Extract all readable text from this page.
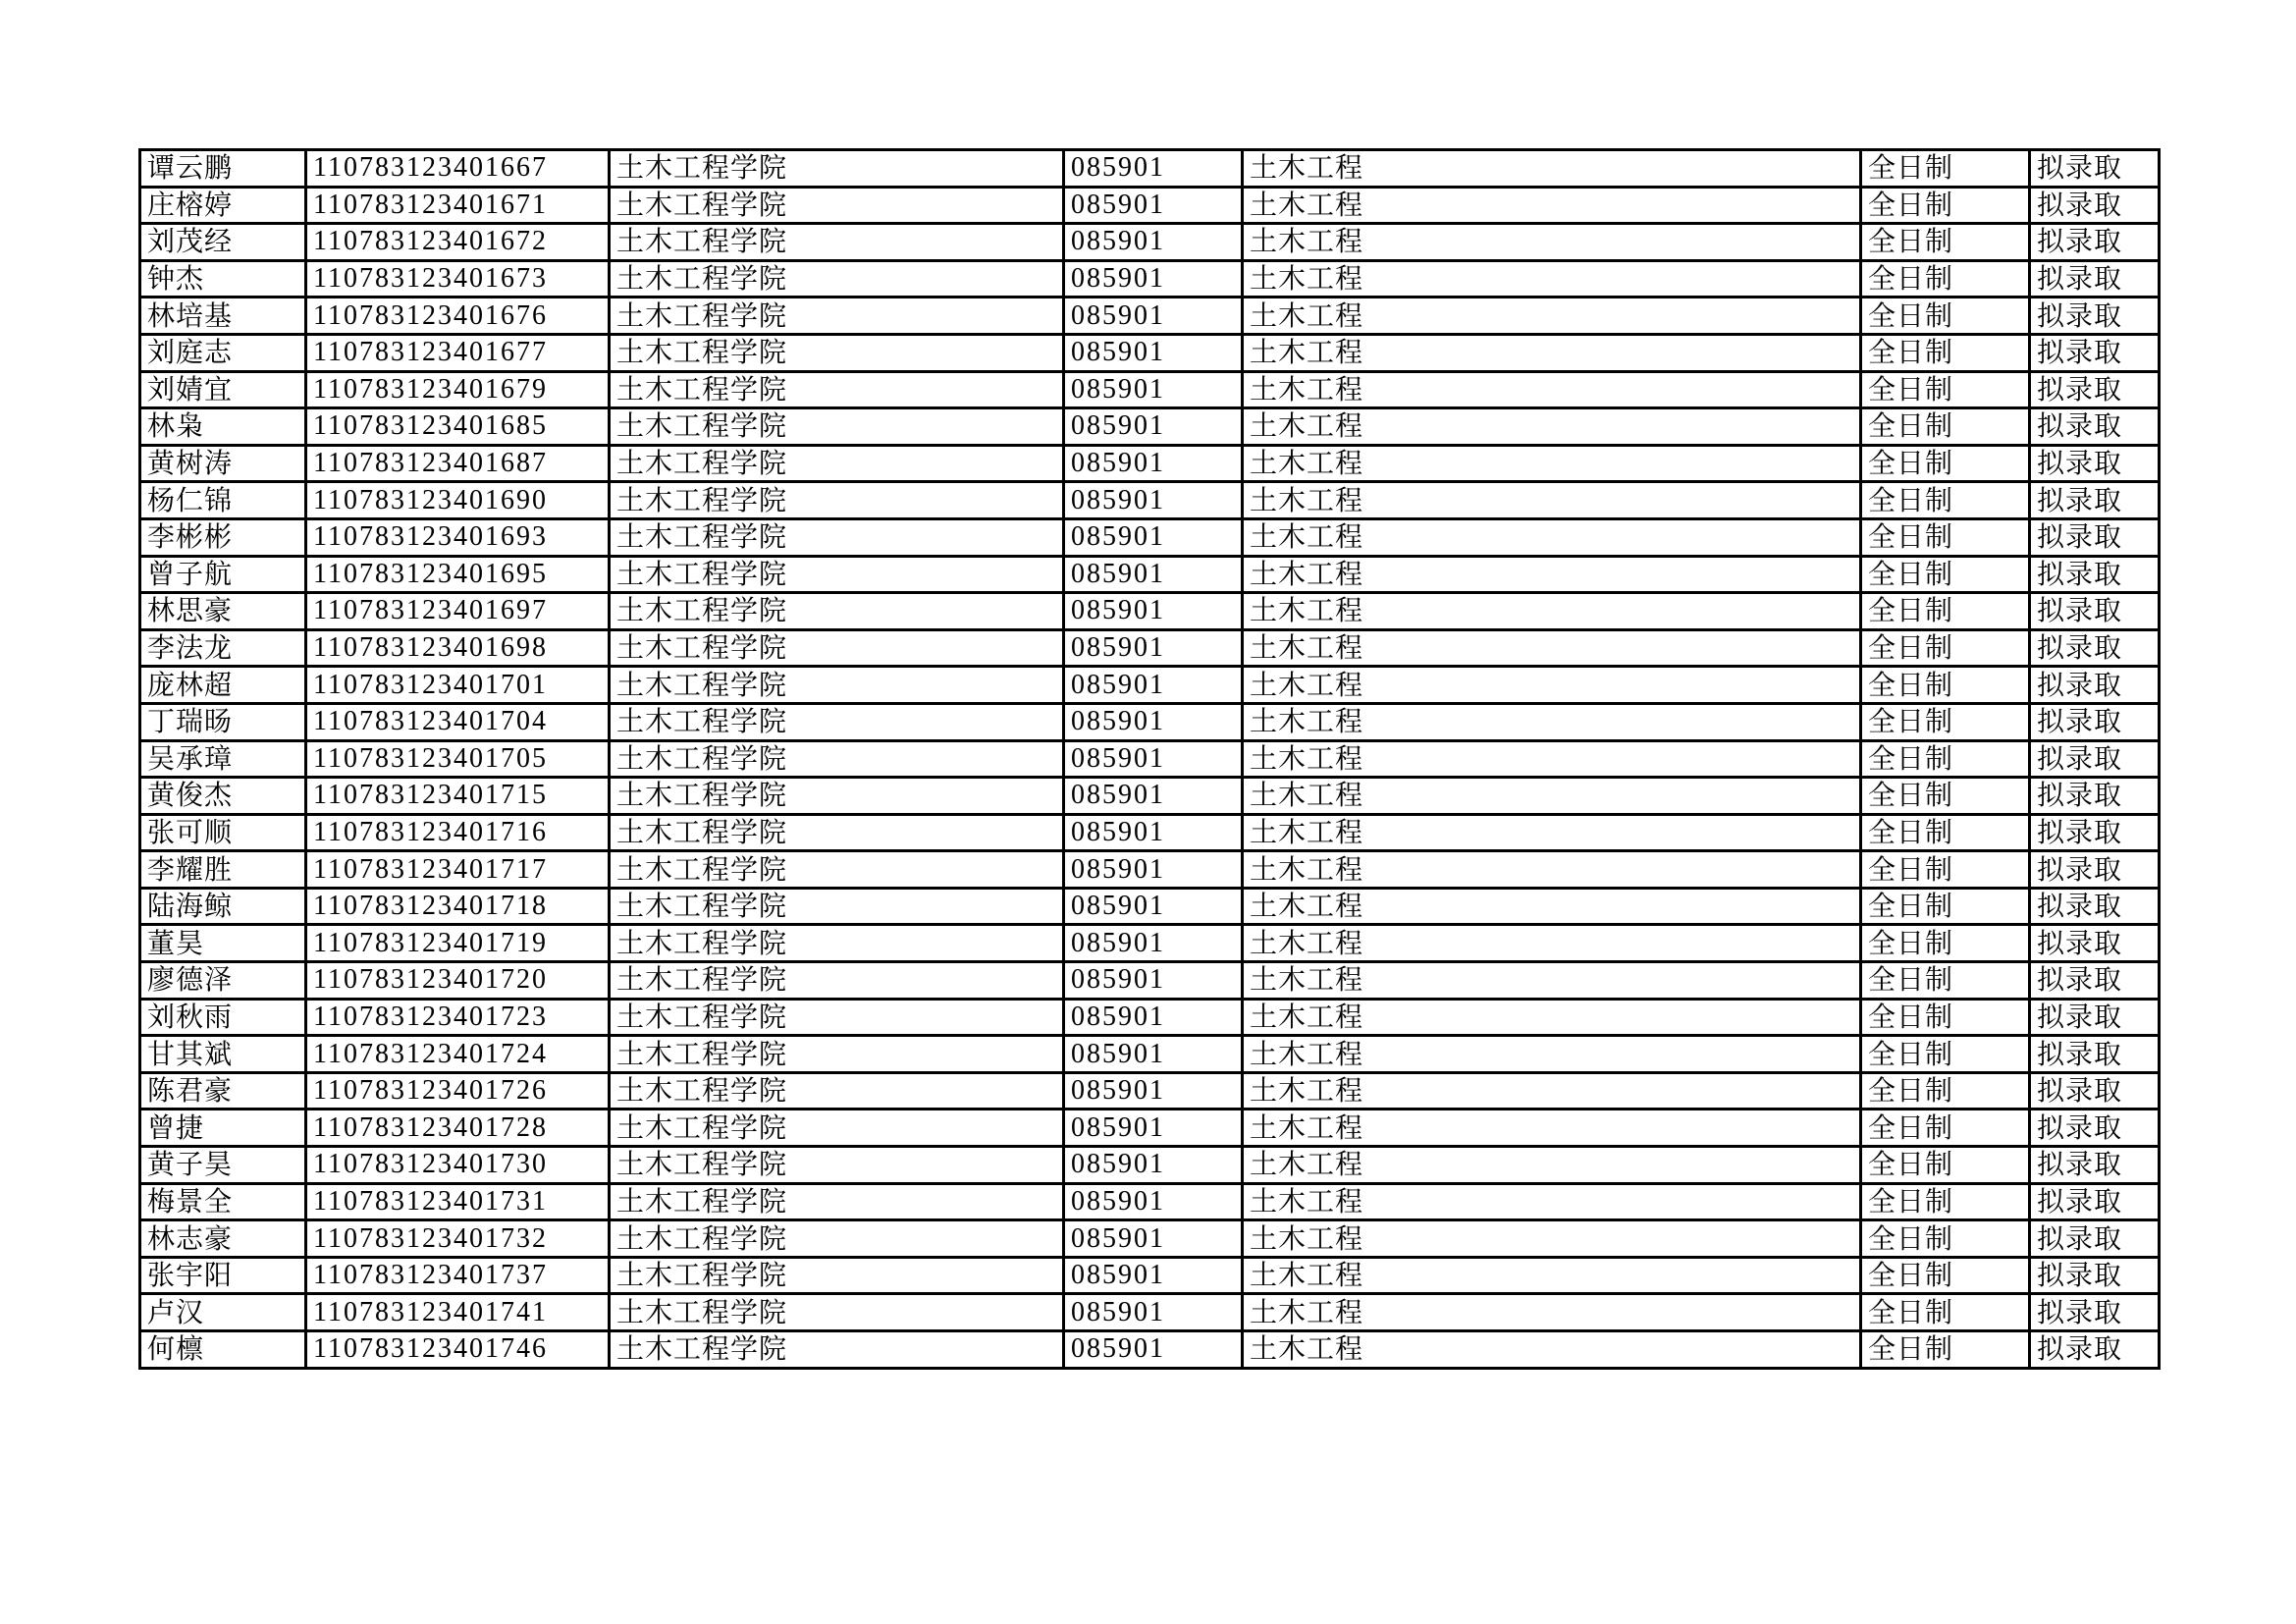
谭云鹏	110783123401667	土木工程学院	085901	土木工程	全日制	拟录取
庄榕婷	110783123401671	土木工程学院	085901	土木工程	全日制	拟录取
刘茂经	110783123401672	土木工程学院	085901	土木工程	全日制	拟录取
钟杰	110783123401673	土木工程学院	085901	土木工程	全日制	拟录取
林培基	110783123401676	土木工程学院	085901	土木工程	全日制	拟录取
刘庭志	110783123401677	土木工程学院	085901	土木工程	全日制	拟录取
刘婧宜	110783123401679	土木工程学院	085901	土木工程	全日制	拟录取
林枭	110783123401685	土木工程学院	085901	土木工程	全日制	拟录取
黄树涛	110783123401687	土木工程学院	085901	土木工程	全日制	拟录取
杨仁锦	110783123401690	土木工程学院	085901	土木工程	全日制	拟录取
李彬彬	110783123401693	土木工程学院	085901	土木工程	全日制	拟录取
曾子航	110783123401695	土木工程学院	085901	土木工程	全日制	拟录取
林思豪	110783123401697	土木工程学院	085901	土木工程	全日制	拟录取
李法龙	110783123401698	土木工程学院	085901	土木工程	全日制	拟录取
庞林超	110783123401701	土木工程学院	085901	土木工程	全日制	拟录取
丁瑞旸	110783123401704	土木工程学院	085901	土木工程	全日制	拟录取
吴承璋	110783123401705	土木工程学院	085901	土木工程	全日制	拟录取
黄俊杰	110783123401715	土木工程学院	085901	土木工程	全日制	拟录取
张可顺	110783123401716	土木工程学院	085901	土木工程	全日制	拟录取
李耀胜	110783123401717	土木工程学院	085901	土木工程	全日制	拟录取
陆海鲸	110783123401718	土木工程学院	085901	土木工程	全日制	拟录取
董昊	110783123401719	土木工程学院	085901	土木工程	全日制	拟录取
廖德泽	110783123401720	土木工程学院	085901	土木工程	全日制	拟录取
刘秋雨	110783123401723	土木工程学院	085901	土木工程	全日制	拟录取
甘其斌	110783123401724	土木工程学院	085901	土木工程	全日制	拟录取
陈君豪	110783123401726	土木工程学院	085901	土木工程	全日制	拟录取
曾捷	110783123401728	土木工程学院	085901	土木工程	全日制	拟录取
黄子昊	110783123401730	土木工程学院	085901	土木工程	全日制	拟录取
梅景全	110783123401731	土木工程学院	085901	土木工程	全日制	拟录取
林志豪	110783123401732	土木工程学院	085901	土木工程	全日制	拟录取
张宇阳	110783123401737	土木工程学院	085901	土木工程	全日制	拟录取
卢汉	110783123401741	土木工程学院	085901	土木工程	全日制	拟录取
何檩	110783123401746	土木工程学院	085901	土木工程	全日制	拟录取
